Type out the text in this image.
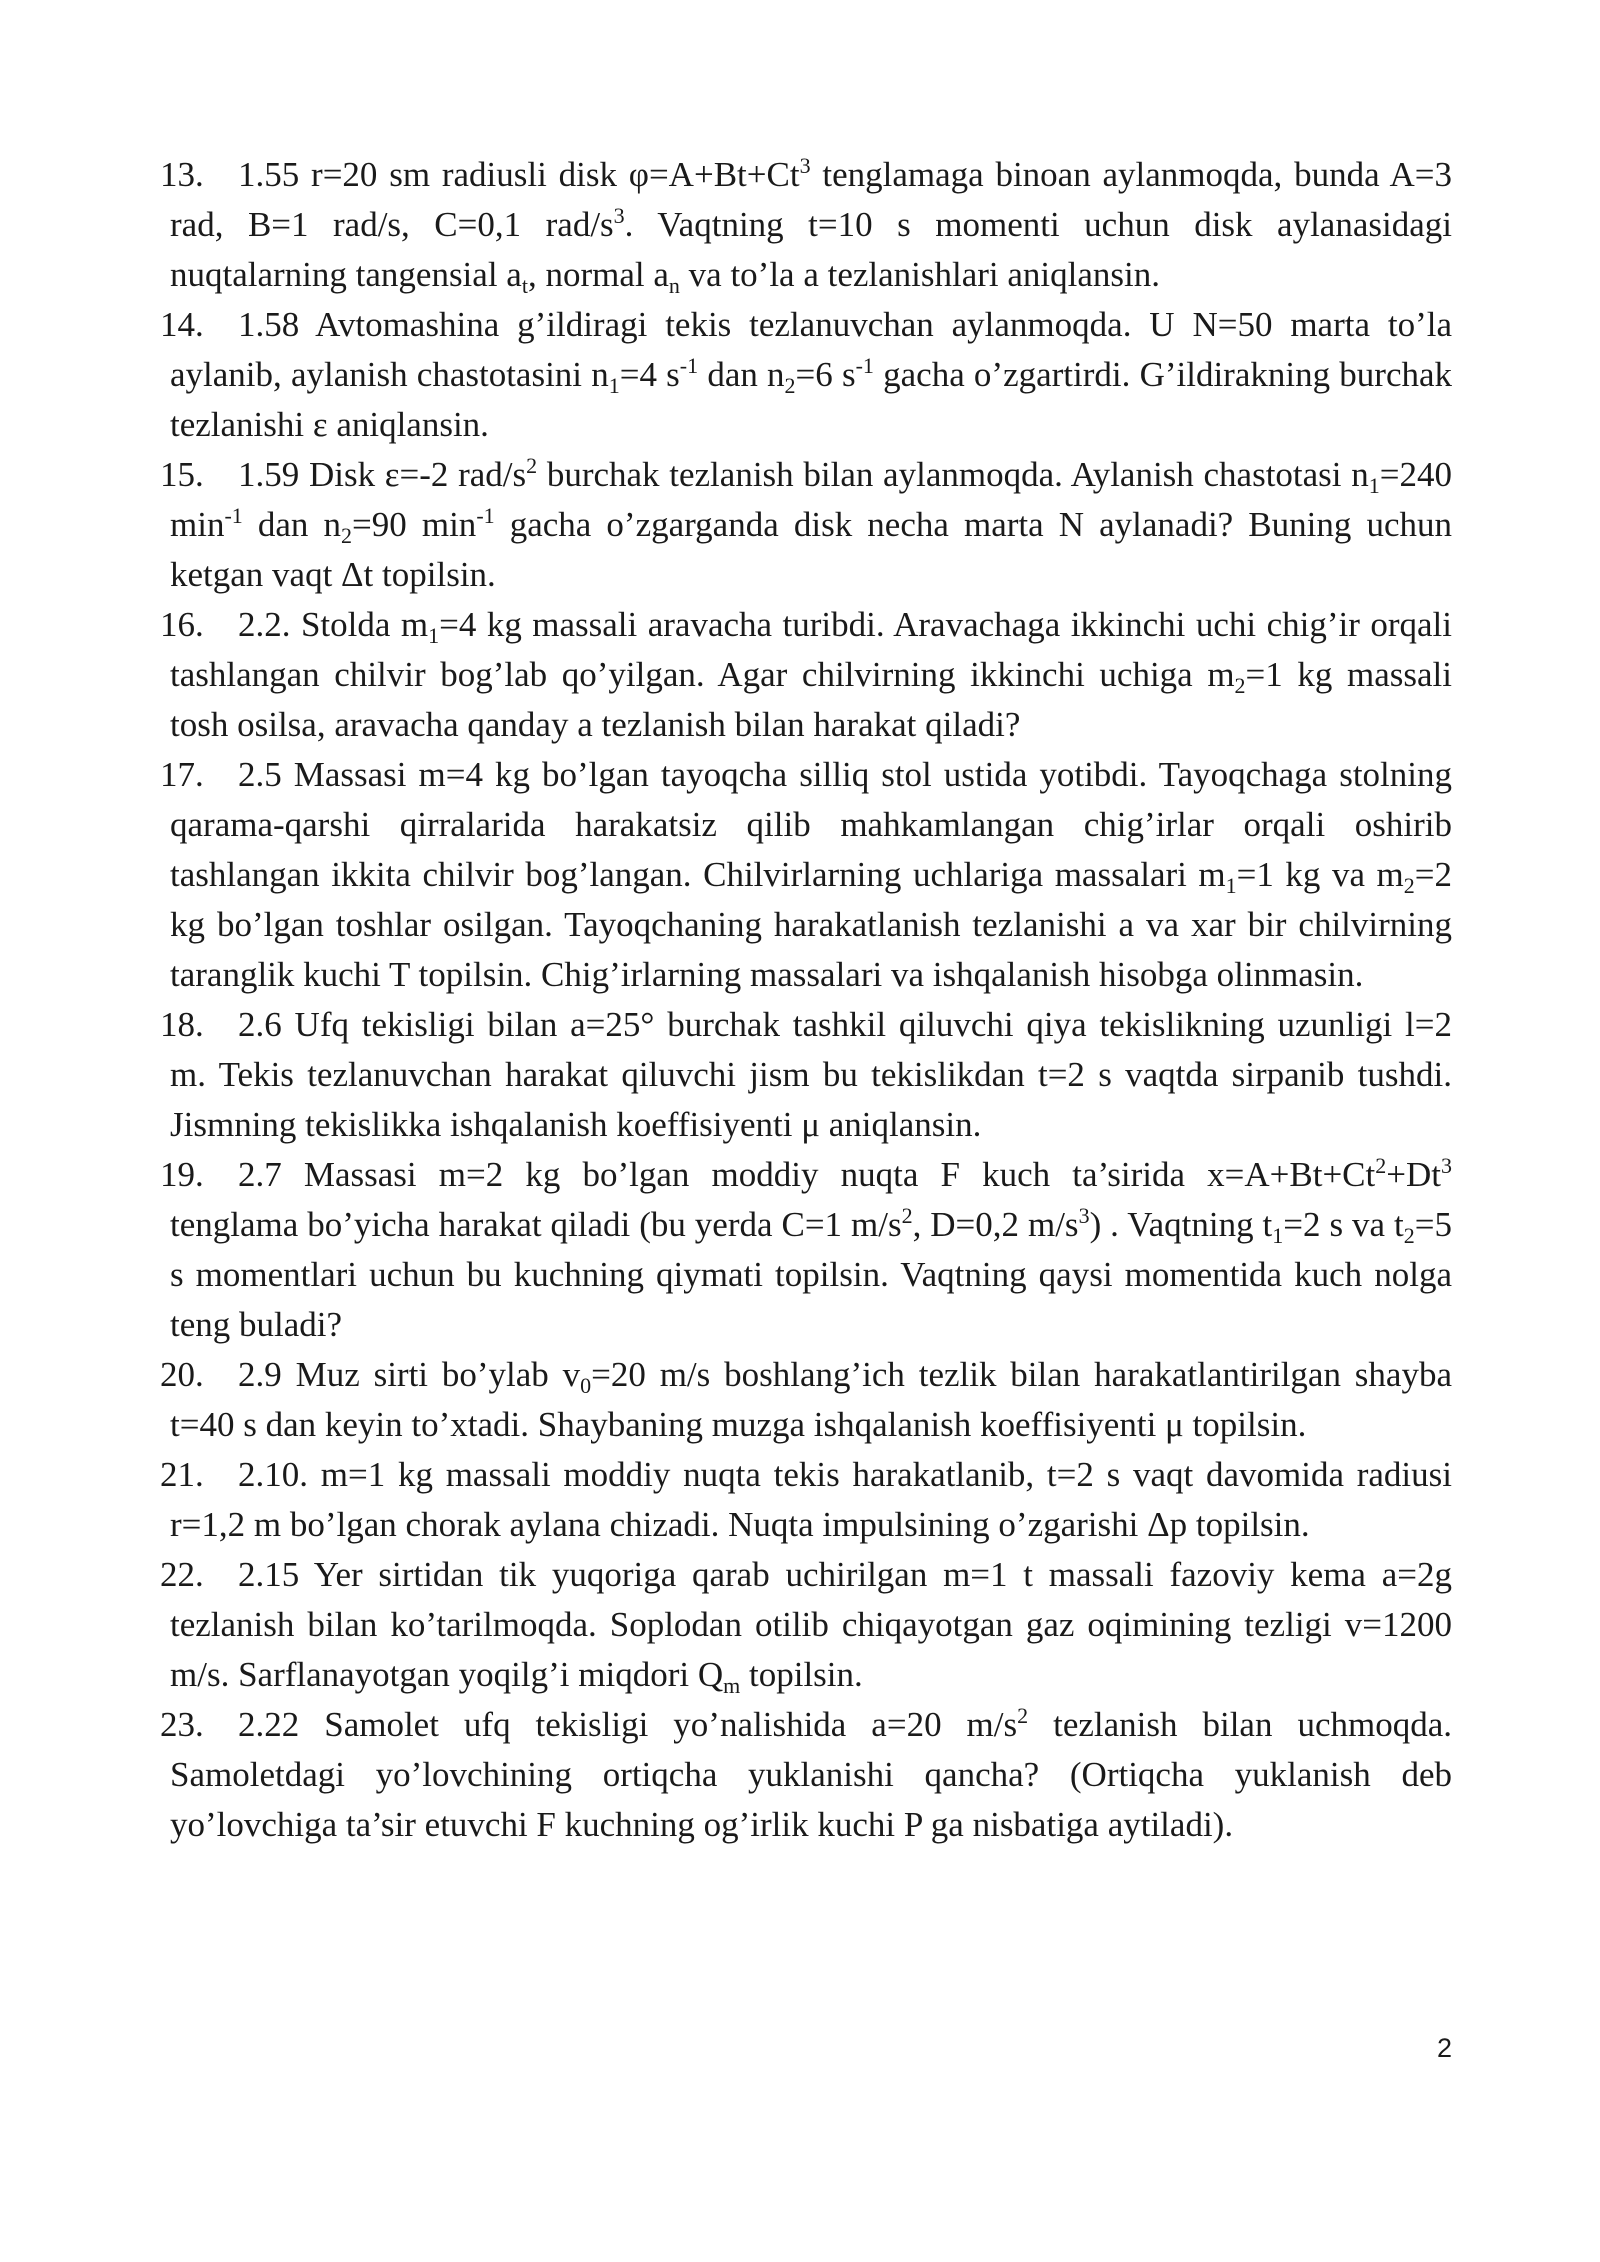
13. 1.55 r=20 sm radiusli disk $\varphi=A+Bt+Ct^3$ tenglamaga binoan aylanmoqda, bunda A=3 rad, B=1 rad/s, C=0,1 rad/$s^3$. Vaqtning t=10 s momenti uchun disk aylanasidagi nuqtalarning tangensial $a_t$, normal $a_n$ va to’la a tezlanishlari aniqlansin.
14. 1.58 Avtomashina g’ildiragi tekis tezlanuvchan aylanmoqda. U N=50 marta to’la aylanib, aylanish chastotasini $n_1=4$ $s^{-1}$ dan $n_2=6$ $s^{-1}$ gacha o’zgartirdi. G’ildirakning burchak tezlanishi ε aniqlansin.
15. 1.59 Disk ε=-2 rad/$s^2$ burchak tezlanish bilan aylanmoqda. Aylanish chastotasi $n_1=240$ $\min^{-1}$ dan $n_2=90$ $\min^{-1}$ gacha o’zgarganda disk necha marta N aylanadi? Buning uchun ketgan vaqt Δt topilsin.
16. 2.2. Stolda $m_1=4$ kg massali aravacha turibdi. Aravachaga ikkinchi uchi chig’ir orqali tashlangan chilvir bog’lab qo’yilgan. Agar chilvirning ikkinchi uchiga $m_2=1$ kg massali tosh osilsa, aravacha qanday a tezlanish bilan harakat qiladi?
17. 2.5 Massasi m=4 kg bo’lgan tayoqcha silliq stol ustida yotibdi. Tayoqchaga stolning qarama-qarshi qirralarida harakatsiz qilib mahkamlangan chig’irlar orqali oshirib tashlangan ikkita chilvir bog’langan. Chilvirlarning uchlariga massalari $m_1=1$ kg va $m_2=2$ kg bo’lgan toshlar osilgan. Tayoqchaning harakatlanish tezlanishi a va xar bir chilvirning taranglik kuchi T topilsin. Chig’irlarning massalari va ishqalanish hisobga olinmasin.
18. 2.6 Ufq tekisligi bilan a=25° burchak tashkil qiluvchi qiya tekislikning uzunligi l=2 m. Tekis tezlanuvchan harakat qiluvchi jism bu tekislikdan t=2 s vaqtda sirpanib tushdi. Jismning tekislikka ishqalanish koeffisiyenti μ aniqlansin.
19. 2.7 Massasi m=2 kg bo’lgan moddiy nuqta F kuch ta’sirida $x=A+Bt+Ct^2+Dt^3$ tenglama bo’yicha harakat qiladi (bu yerda C=1 $m/s^2$, D=0,2 $m/s^3$) . Vaqtning $t_1=2$ s va $t_2=5$ s momentlari uchun bu kuchning qiymati topilsin. Vaqtning qaysi momentida kuch nolga teng buladi?
20. 2.9 Muz sirti bo’ylab $v_0=20$ m/s boshlang’ich tezlik bilan harakatlantirilgan shayba t=40 s dan keyin to’xtadi. Shaybaning muzga ishqalanish koeffisiyenti μ topilsin.
21. 2.10. m=1 kg massali moddiy nuqta tekis harakatlanib, t=2 s vaqt davomida radiusi r=1,2 m bo’lgan chorak aylana chizadi. Nuqta impulsining o’zgarishi Δp topilsin.
22. 2.15 Yer sirtidan tik yuqoriga qarab uchirilgan m=1 t massali fazoviy kema a=2g tezlanish bilan ko’tarilmoqda. Soplodan otilib chiqayotgan gaz oqimining tezligi v=1200 m/s. Sarflanayotgan yoqilg’i miqdori $Q_m$ topilsin.
23. 2.22 Samolet ufq tekisligi yo’nalishida a=20 $m/s^2$ tezlanish bilan uchmoqda. Samoletdagi yo’lovchining ortiqcha yuklanishi qancha? (Ortiqcha yuklanish deb yo’lovchiga ta’sir etuvchi F kuchning og’irlik kuchi P ga nisbatiga aytiladi).
2
